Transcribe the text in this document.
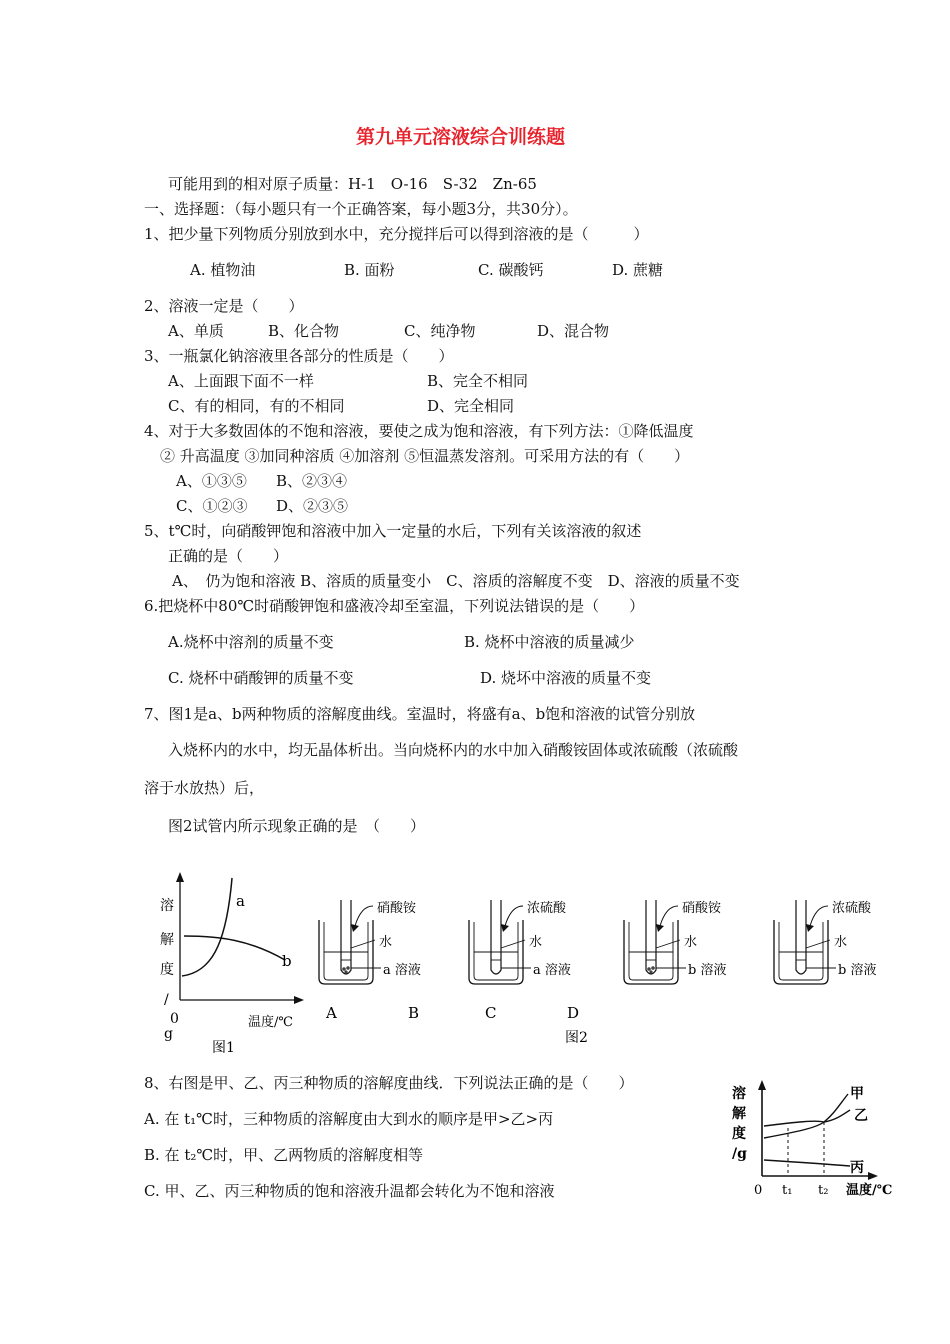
第九单元溶液综合训练题
可能用到的相对原子质量：H-1　O-16　S-32　Zn-65
一、选择题：（每小题只有一个正确答案，每小题3分，共30分）。
1、把少量下列物质分别放到水中，充分搅拌后可以得到溶液的是（　　　）
A. 植物油	B. 面粉	C. 碳酸钙	D. 蔗糖
2、溶液一定是（　　）
A、单质	B、化合物	C、纯净物	D、混合物
3、一瓶氯化钠溶液里各部分的性质是（　　）
A、上面跟下面不一样	B、完全不相同
C、有的相同，有的不相同	D、完全相同
4、对于大多数固体的不饱和溶液，要使之成为饱和溶液，有下列方法：①降低温度
② 升高温度 ③加同种溶质 ④加溶剂 ⑤恒温蒸发溶剂。可采用方法的有（　　）
A、①③⑤ B、②③④
C、①②③ D、②③⑤
5、t℃时，向硝酸钾饱和溶液中加入一定量的水后，下列有关该溶液的叙述
正确的是（　　）
A、　仍为饱和溶液 B、溶质的质量变小　C、溶质的溶解度不变　D、溶液的质量不变
6.把烧杯中80℃时硝酸钾饱和盛液冷却至室温，下列说法错误的是（　　）
A.烧杯中溶剂的质量不变	B. 烧杯中溶液的质量减少
C. 烧杯中硝酸钾的质量不变	D. 烧坏中溶液的质量不变
7、图1是a、b两种物质的溶解度曲线。室温时，将盛有a、b饱和溶液的试管分别放
入烧杯内的水中，均无晶体析出。当向烧杯内的水中加入硝酸铵固体或浓硫酸（浓硫酸
溶于水放热）后，
图2试管内所示现象正确的是　（　　）
溶
解
度
/
g
0	温度/℃
a
b
图1
硝酸铵
水
a 溶液
A
浓硫酸
水
a 溶液
B
硝酸铵
水
b 溶液
C
浓硫酸
水
b 溶液
D
图2
8、右图是甲、乙、丙三种物质的溶解度曲线．下列说法正确的是（　　）
A. 在 t₁℃时，三种物质的溶解度由大到水的顺序是甲>乙>丙
B. 在 t₂℃时，甲、乙两物质的溶解度相等
C. 甲、乙、丙三种物质的饱和溶液升温都会转化为不饱和溶液
溶
解
度
/g
0 t₁ t₂ 温度/℃
甲
乙
丙
